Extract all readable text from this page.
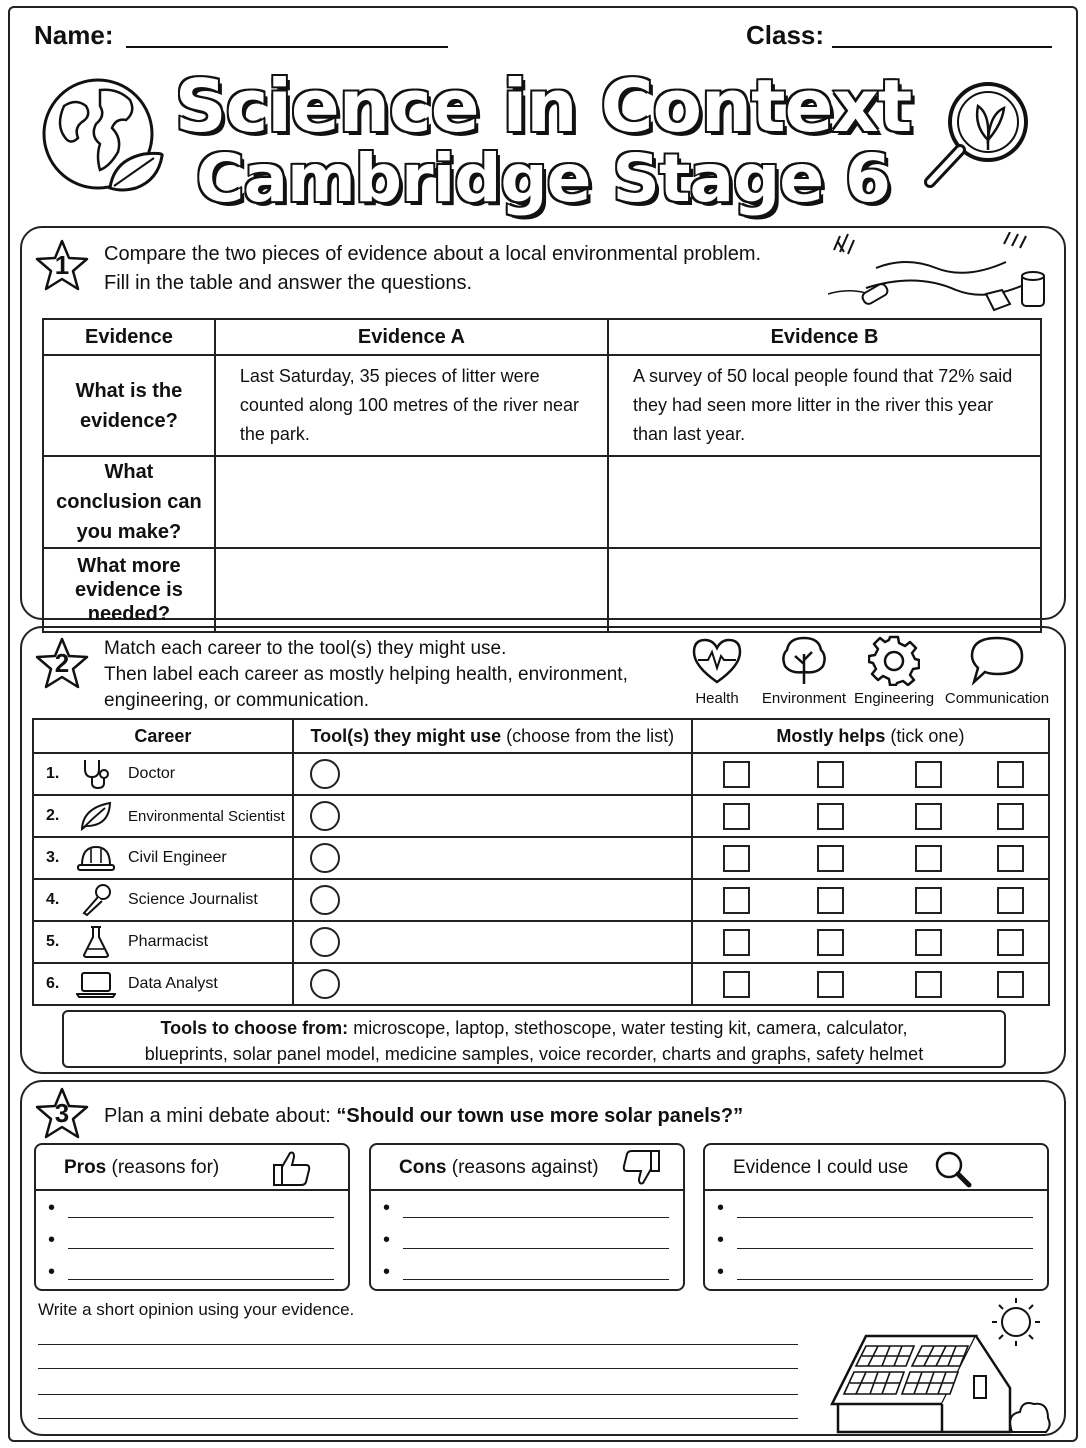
Name:	Class:
Science in Context
Cambridge Stage 6
1	Compare the two pieces of evidence about a local environmental problem.
Fill in the table and answer the questions.
Evidence	Evidence A	Evidence B
What is the evidence?	Last Saturday, 35 pieces of litter were counted along 100 metres of the river near the park.	A survey of 50 local people found that 72% said they had seen more litter in the river this year than last year.
What conclusion can you make?		
What more evidence is needed?		
2	Match each career to the tool(s) they might use.
Then label each career as mostly helping health, environment,
engineering, or communication.	Health	Environment Engineering Communication
Career	Tool(s) they might use (choose from the list)	Mostly helps (tick one)

1. Doctor		

2. Environmental Scientist		

3. Civil Engineer		

4. Science Journalist		

5. Pharmacist		

6. Data Analyst		

Tools to choose from: microscope, laptop, stethoscope, water testing kit, camera, calculator,
blueprints, solar panel model, medicine samples, voice recorder, charts and graphs, safety helmet
3	Plan a mini debate about: “Should our town use more solar panels?”
Pros (reasons for)
•
•
•
Cons (reasons against)
•
•
•
Evidence I could use
•
•
•
Write a short opinion using your evidence.
